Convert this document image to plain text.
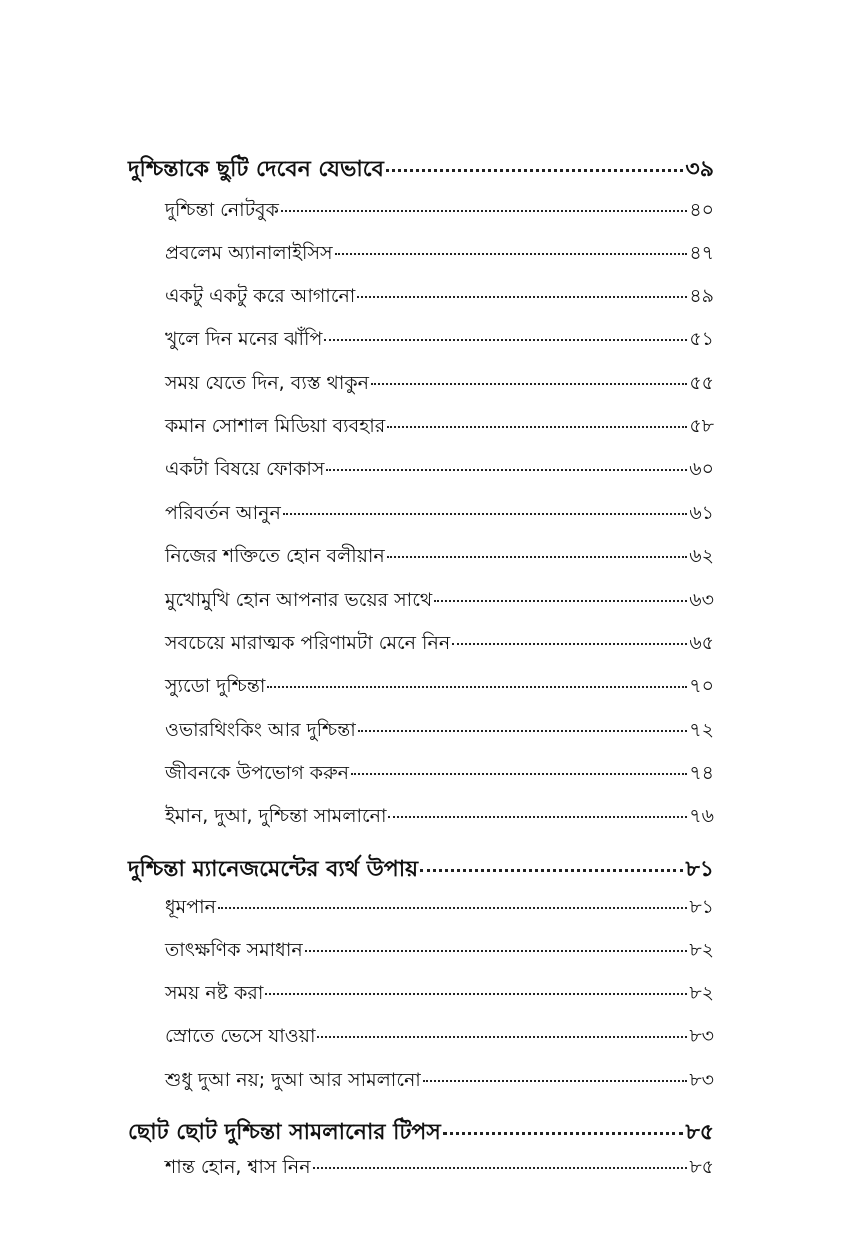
দুশ্চিন্তাকে ছুটি দেবেন যেভাবে	৩৯
দুশ্চিন্তা নোটবুক	৪০
প্রবলেম অ্যানালাইসিস	৪৭
একটু একটু করে আগানো	৪৯
খুলে দিন মনের ঝাঁপি	৫১
সময় যেতে দিন, ব্যস্ত থাকুন	৫৫
কমান সোশাল মিডিয়া ব্যবহার	৫৮
একটা বিষয়ে ফোকাস	৬০
পরিবর্তন আনুন	৬১
নিজের শক্তিতে হোন বলীয়ান	৬২
মুখোমুখি হোন আপনার ভয়ের সাথে	৬৩
সবচেয়ে মারাত্মক পরিণামটা মেনে নিন	৬৫
স্যুডো দুশ্চিন্তা	৭০
ওভারথিংকিং আর দুশ্চিন্তা	৭২
জীবনকে উপভোগ করুন	৭৪
ইমান, দুআ, দুশ্চিন্তা সামলানো	৭৬
দুশ্চিন্তা ম্যানেজমেন্টের ব্যর্থ উপায়	৮১
ধূমপান	৮১
তাৎক্ষণিক সমাধান	৮২
সময় নষ্ট করা	৮২
স্রোতে ভেসে যাওয়া	৮৩
শুধু দুআ নয়; দুআ আর সামলানো	৮৩
ছোট ছোট দুশ্চিন্তা সামলানোর টিপস	৮৫
শান্ত হোন, শ্বাস নিন	৮৫
